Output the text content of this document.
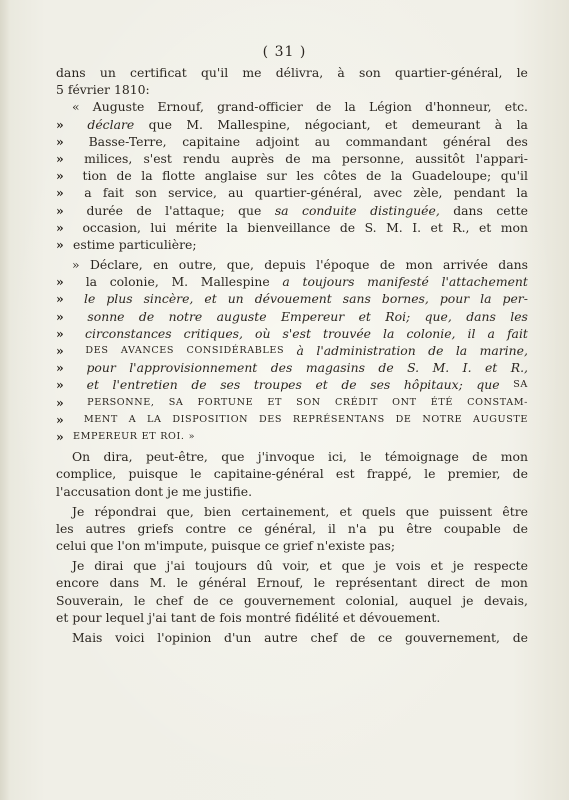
( 31 )
dans un certificat qu'il me délivra, à son quartier-général, le
5 février 1810:
« Auguste Ernouf, grand-officier de la Légion d'honneur, etc.
»	déclare que M. Mallespine, négociant, et demeurant à la
»	Basse-Terre, capitaine adjoint au commandant général des
»	milices, s'est rendu auprès de ma personne, aussitôt l'appari-
»	tion de la flotte anglaise sur les côtes de la Guadeloupe; qu'il
»	a fait son service, au quartier-général, avec zèle, pendant la
»	durée de l'attaque; que sa conduite distinguée, dans cette
»	occasion, lui mérite la bienveillance de S. M. I. et R., et mon
» estime particulière;
» Déclare, en outre, que, depuis l'époque de mon arrivée dans
»	la colonie, M. Mallespine a toujours manifesté l'attachement
»	le plus sincère, et un dévouement sans bornes, pour la per-
»	sonne de notre auguste Empereur et Roi; que, dans les
»	circonstances critiques, où s'est trouvée la colonie, il a fait
»	DES AVANCES CONSIDÉRABLES à l'administration de la marine,
»	pour l'approvisionnement des magasins de S. M. I. et R.,
»	et l'entretien de ses troupes et de ses hôpitaux; que SA
»	PERSONNE, SA FORTUNE ET SON CRÉDIT ONT ÉTÉ CONSTAM-
»	MENT A LA DISPOSITION DES REPRÉSENTANS DE NOTRE AUGUSTE
» EMPEREUR ET ROI. »
On dira, peut-être, que j'invoque ici, le témoignage de mon
complice, puisque le capitaine-général est frappé, le premier, de
l'accusation dont je me justifie.
Je répondrai que, bien certainement, et quels que puissent être
les autres griefs contre ce général, il n'a pu être coupable de
celui que l'on m'impute, puisque ce grief n'existe pas;
Je dirai que j'ai toujours dû voir, et que je vois et je respecte
encore dans M. le général Ernouf, le représentant direct de mon
Souverain, le chef de ce gouvernement colonial, auquel je devais,
et pour lequel j'ai tant de fois montré fidélité et dévouement.
Mais voici l'opinion d'un autre chef de ce gouvernement, de
